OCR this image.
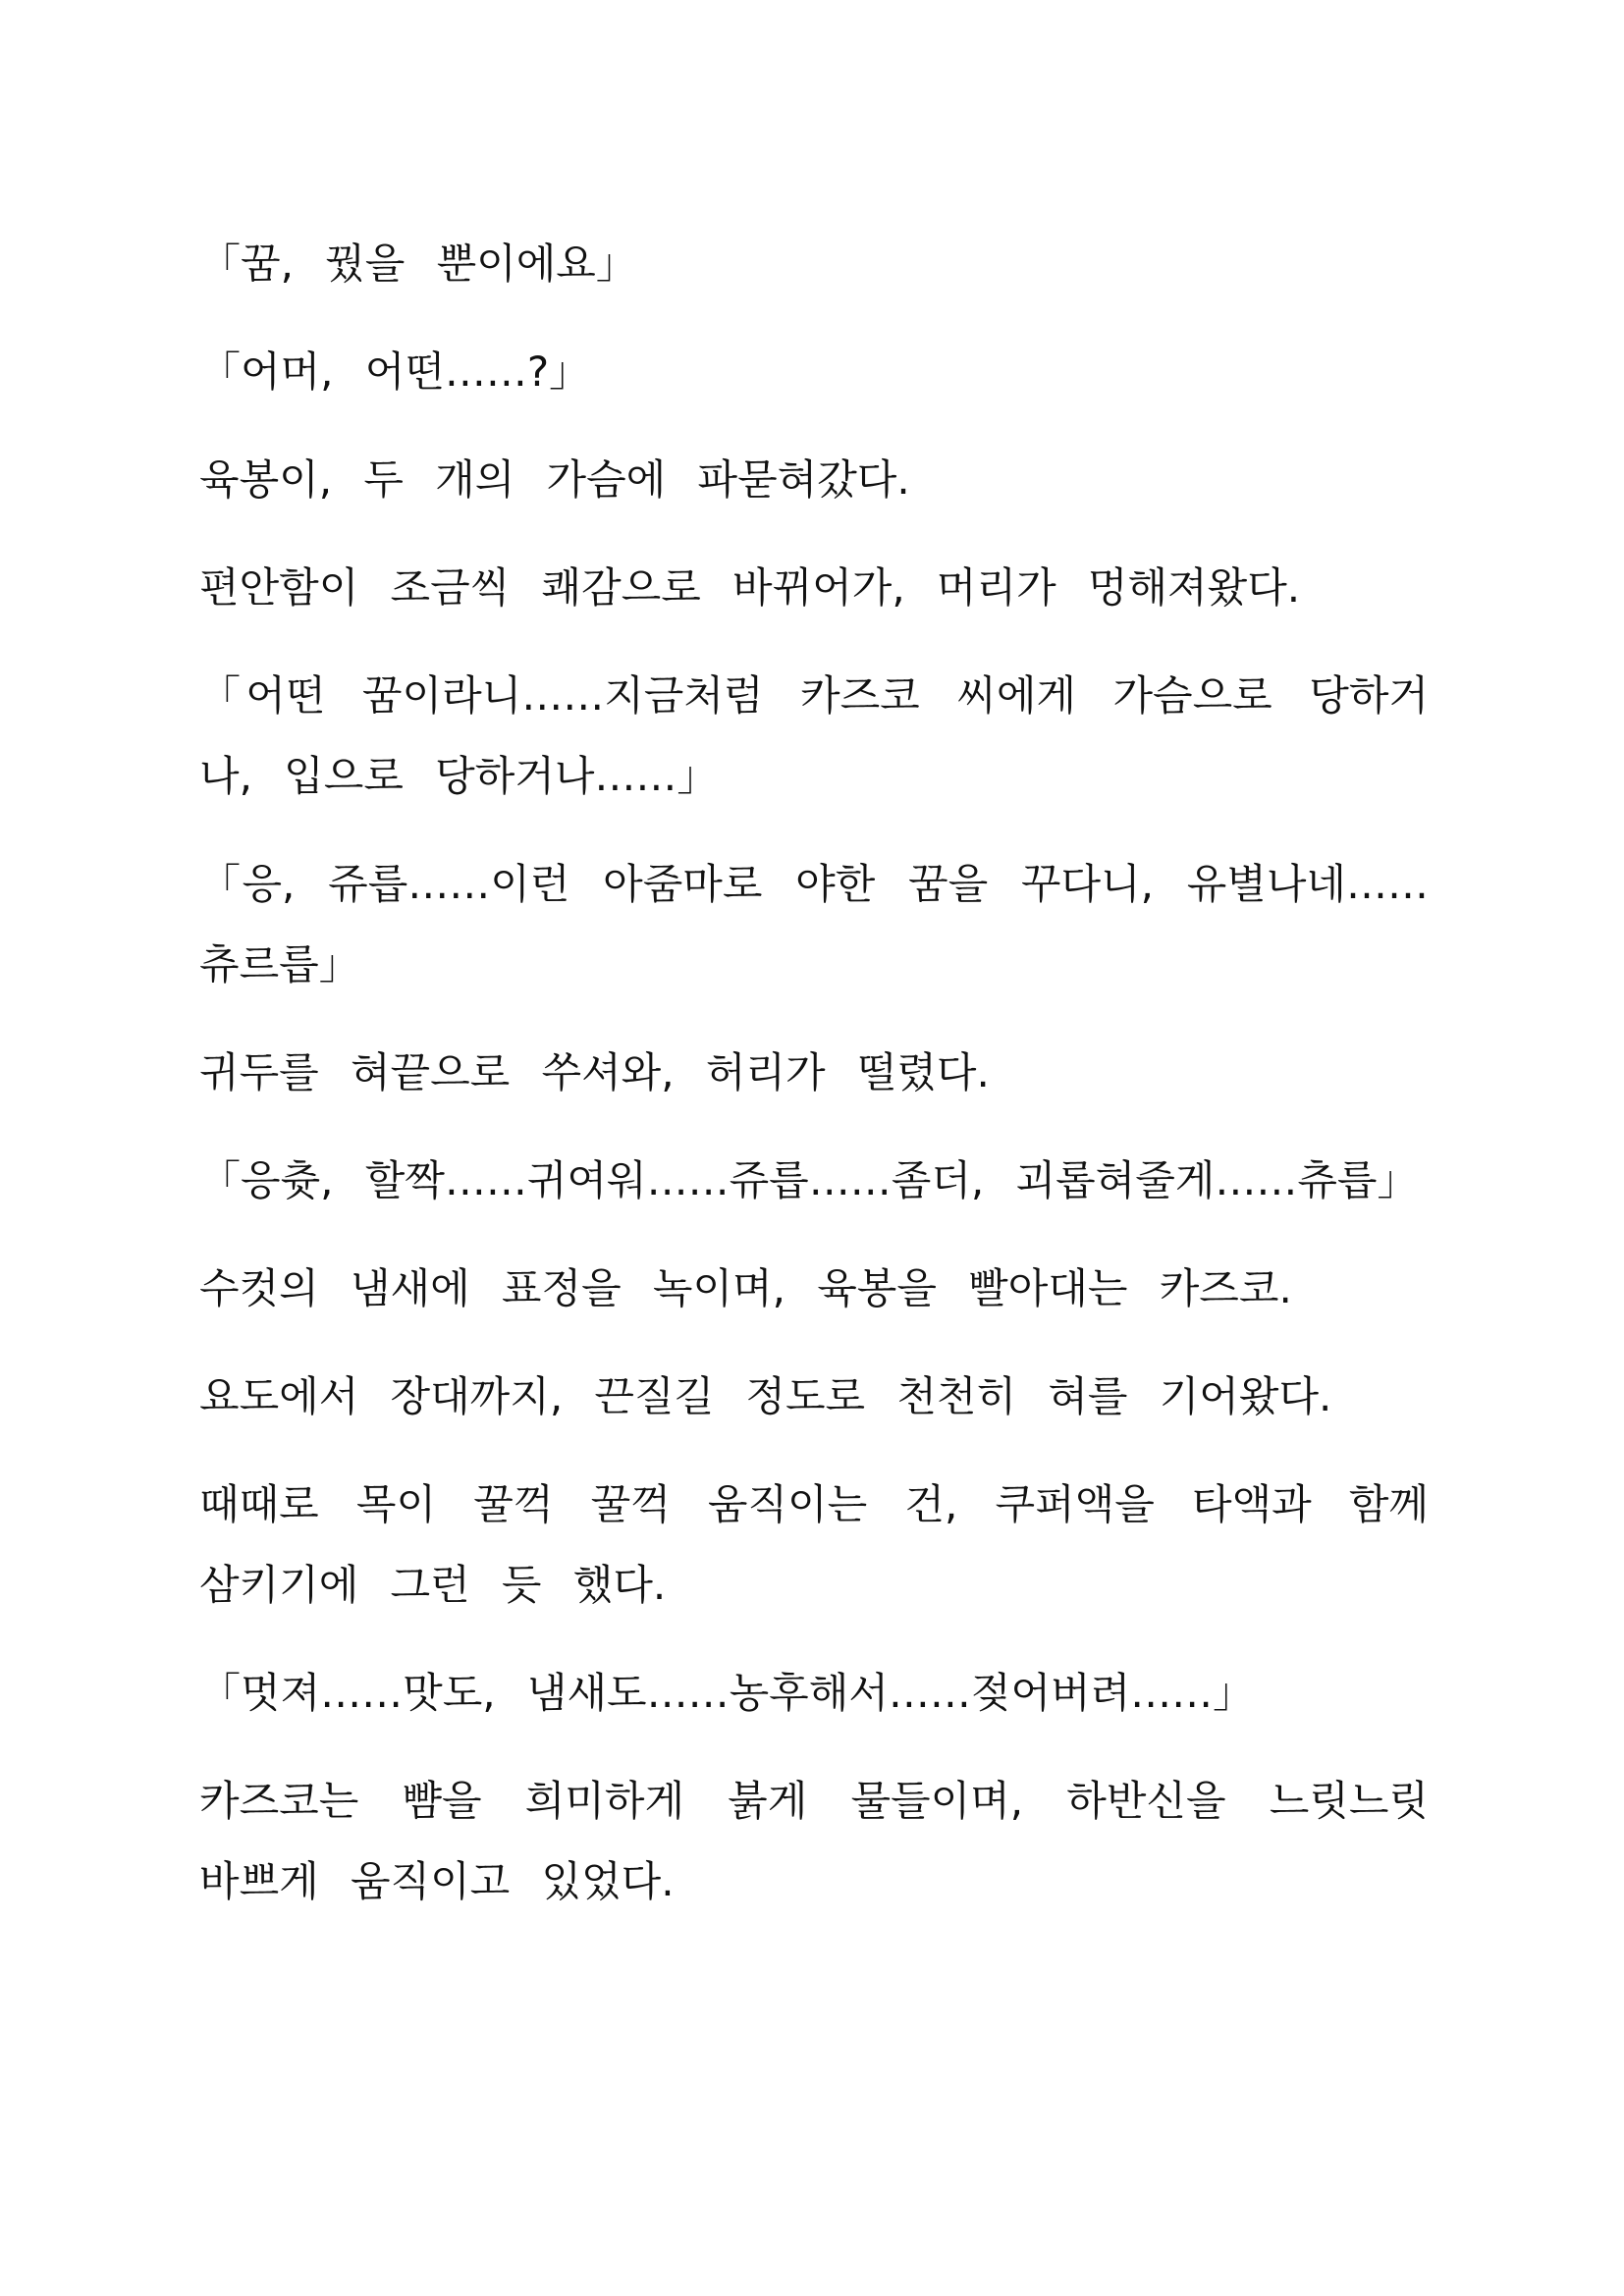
「꿈, 꿨을 뿐이에요」

「어머, 어떤……?」

육봉이, 두 개의 가슴에 파묻혀갔다.

편안함이 조금씩 쾌감으로 바뀌어가, 머리가 멍해져왔다.

「어떤 꿈이라니……지금처럼 카즈코 씨에게 가슴으로 당하거나, 입으로 당하거나……」

「응, 쥬릅……이런 아줌마로 야한 꿈을 꾸다니, 유별나네……츄르릅」

귀두를 혀끝으로 쑤셔와, 허리가 떨렸다.

「응츗, 할짝……귀여워……쥬릅……좀더, 괴롭혀줄게……츄릅」

수컷의 냄새에 표정을 녹이며, 육봉을 빨아대는 카즈코.

요도에서 장대까지, 끈질길 정도로 천천히 혀를 기어왔다.

때때로 목이 꿀꺽 꿀꺽 움직이는 건, 쿠퍼액을 타액과 함께 삼키기에 그런 듯 했다.

「멋져……맛도, 냄새도……농후해서……젖어버려……」

카즈코는 뺨을 희미하게 붉게 물들이며, 하반신을 느릿느릿 바쁘게 움직이고 있었다.
